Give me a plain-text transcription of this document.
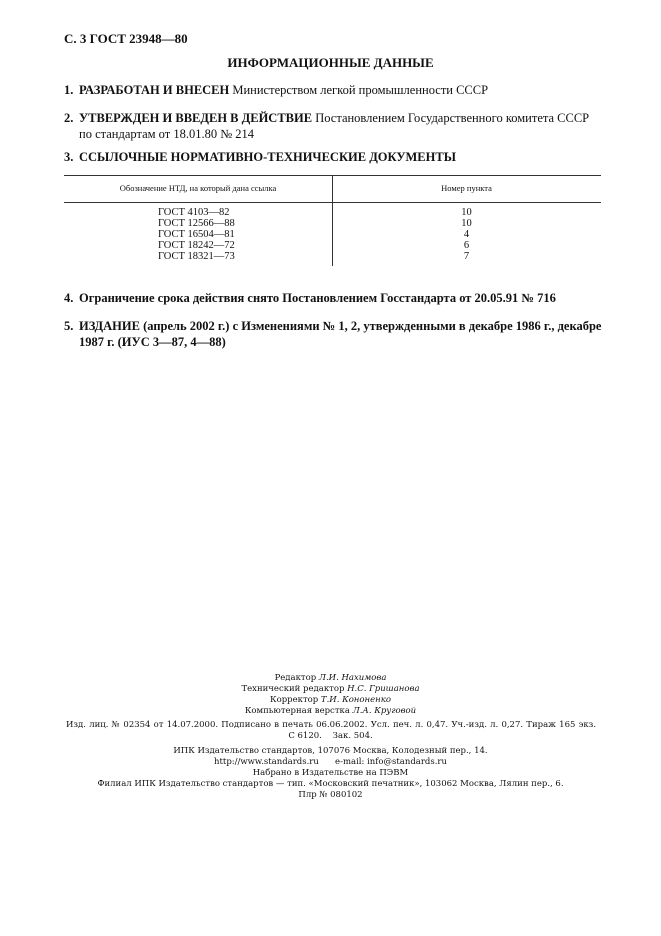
С. 3 ГОСТ 23948—80
ИНФОРМАЦИОННЫЕ ДАННЫЕ
1. РАЗРАБОТАН И ВНЕСЕН Министерством легкой промышленности СССР
2. УТВЕРЖДЕН И ВВЕДЕН В ДЕЙСТВИЕ Постановлением Государственного комитета СССР по стандартам от 18.01.80 № 214
3. ССЫЛОЧНЫЕ НОРМАТИВНО-ТЕХНИЧЕСКИЕ ДОКУМЕНТЫ
Обозначение НТД, на который дана ссылка	Номер пункта
ГОСТ 4103—82	10
ГОСТ 12566—88	10
ГОСТ 16504—81	4
ГОСТ 18242—72	6
ГОСТ 18321—73	7
4. Ограничение срока действия снято Постановлением Госстандарта от 20.05.91 № 716
5. ИЗДАНИЕ (апрель 2002 г.) с Изменениями № 1, 2, утвержденными в декабре 1986 г., декабре 1987 г. (ИУС 3—87, 4—88)
Редактор Л.И. Нахимова
Технический редактор Н.С. Гришанова
Корректор Т.И. Кононенко
Компьютерная верстка Л.А. Круговой
Изд. лиц. № 02354 от 14.07.2000. Подписано в печать 06.06.2002. Усл. печ. л. 0,47. Уч.-изд. л. 0,27. Тираж 165 экз.
С 6120. Зак. 504.
ИПК Издательство стандартов, 107076 Москва, Колодезный пер., 14.
http://www.standards.ru      e-mail: info@standards.ru
Набрано в Издательстве на ПЭВМ
Филиал ИПК Издательство стандартов — тип. «Московский печатник», 103062 Москва, Лялин пер., 6.
Плр № 080102
